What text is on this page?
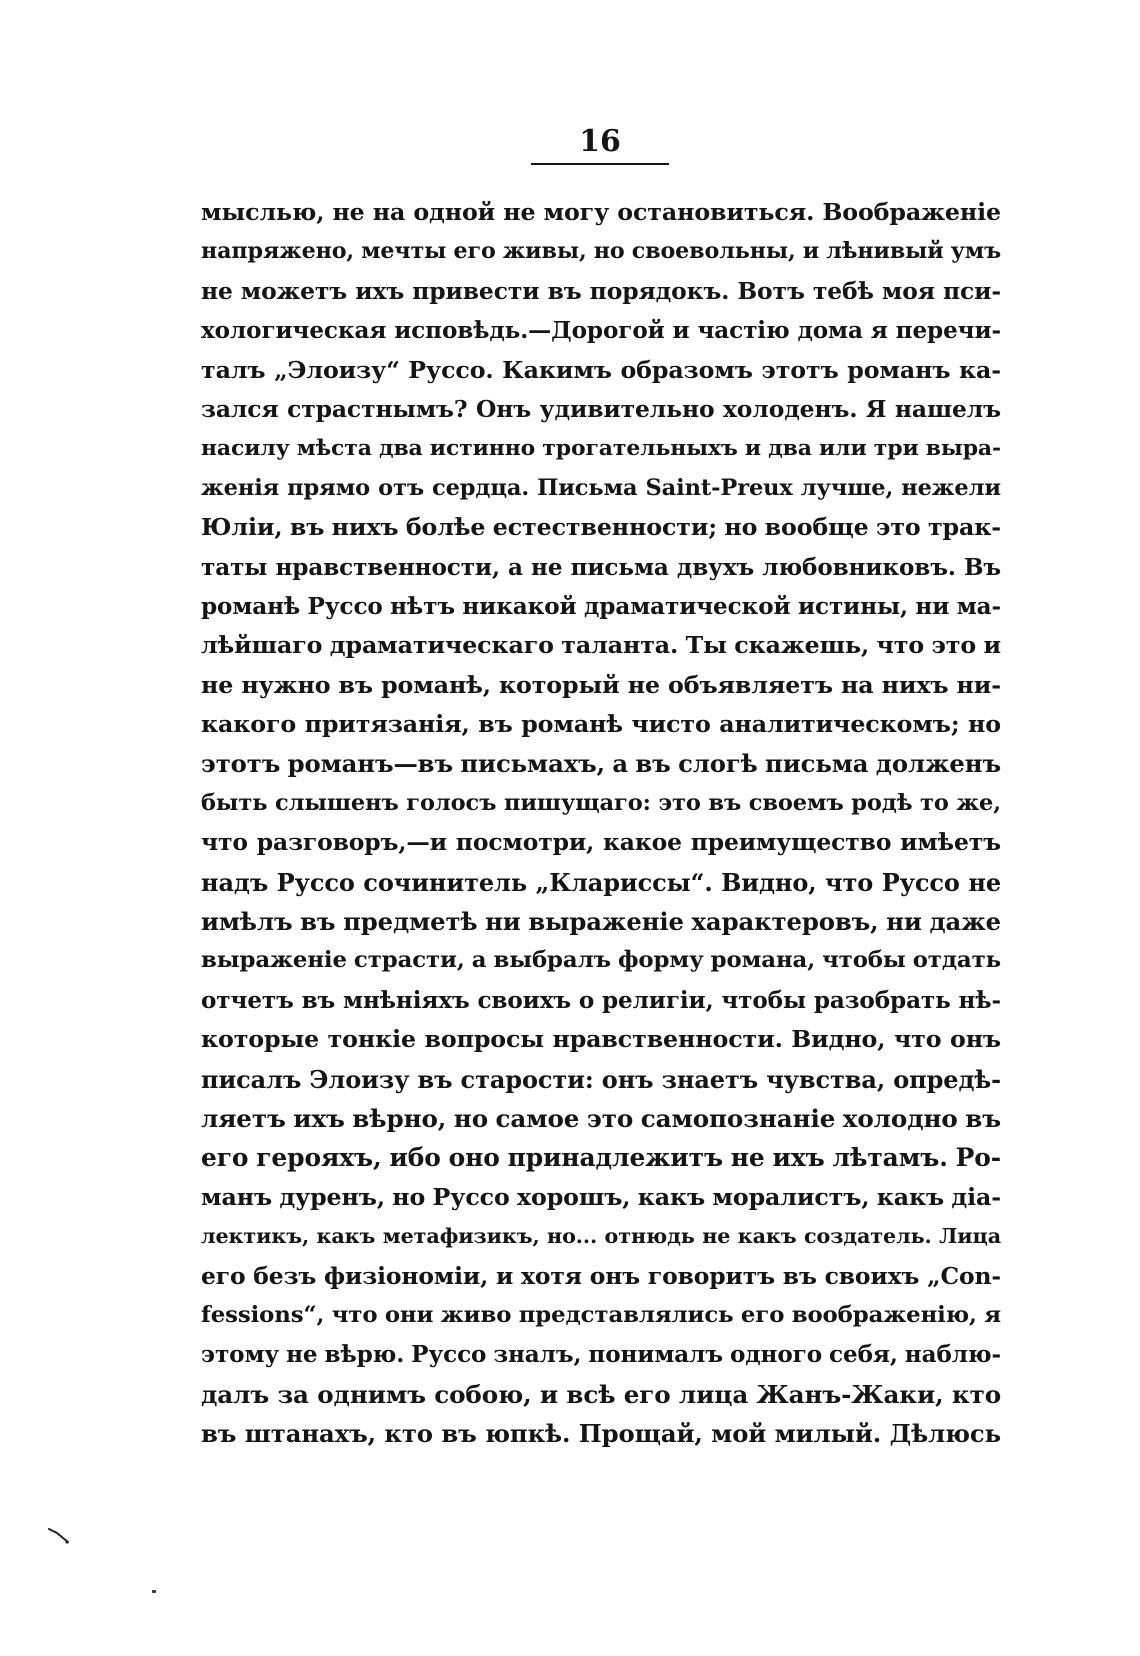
16
мыслью, не на одной не могу остановиться. Воображенiе
напряжено, мечты его живы, но своевольны, и лѣнивый умъ
не можетъ ихъ привести въ порядокъ. Вотъ тебѣ моя пси-
хологическая исповѣдь.—Дорогой и частiю дома я перечи-
талъ „Элоизу“ Руссо. Какимъ образомъ этотъ романъ ка-
зался страстнымъ? Онъ удивительно холоденъ. Я нашелъ
насилу мѣста два истинно трогательныхъ и два или три выра-
женiя прямо отъ сердца. Письма Saint-Preux лучше, нежели
Юлiи, въ нихъ болѣе естественности; но вообще это трак-
таты нравственности, а не письма двухъ любовниковъ. Въ
романѣ Руссо нѣтъ никакой драматической истины, ни ма-
лѣйшаго драматическаго таланта. Ты скажешь, что это и
не нужно въ романѣ, который не объявляетъ на нихъ ни-
какого притязанiя, въ романѣ чисто аналитическомъ; но
этотъ романъ—въ письмахъ, а въ слогѣ письма долженъ
быть слышенъ голосъ пишущаго: это въ своемъ родѣ то же,
что разговоръ,—и посмотри, какое преимущество имѣетъ
надъ Руссо сочинитель „Клариссы“. Видно, что Руссо не
имѣлъ въ предметѣ ни выраженiе характеровъ, ни даже
выраженiе страсти, а выбралъ форму романа, чтобы отдать
отчетъ въ мнѣнiяхъ своихъ о религiи, чтобы разобрать нѣ-
которые тонкiе вопросы нравственности. Видно, что онъ
писалъ Элоизу въ старости: онъ знаетъ чувства, опредѣ-
ляетъ ихъ вѣрно, но самое это самопознанiе холодно въ
его герояхъ, ибо оно принадлежитъ не ихъ лѣтамъ. Ро-
манъ дуренъ, но Руссо хорошъ, какъ моралистъ, какъ дiа-
лектикъ, какъ метафизикъ, но... отнюдь не какъ создатель. Лица
его безъ физiономiи, и хотя онъ говоритъ въ своихъ „Con-
fessions“, что они живо представлялись его воображенiю, я
этому не вѣрю. Руссо зналъ, понималъ одного себя, наблю-
далъ за однимъ собою, и всѣ его лица Жанъ-Жаки, кто
въ штанахъ, кто въ юпкѣ. Прощай, мой милый. Дѣлюсь
